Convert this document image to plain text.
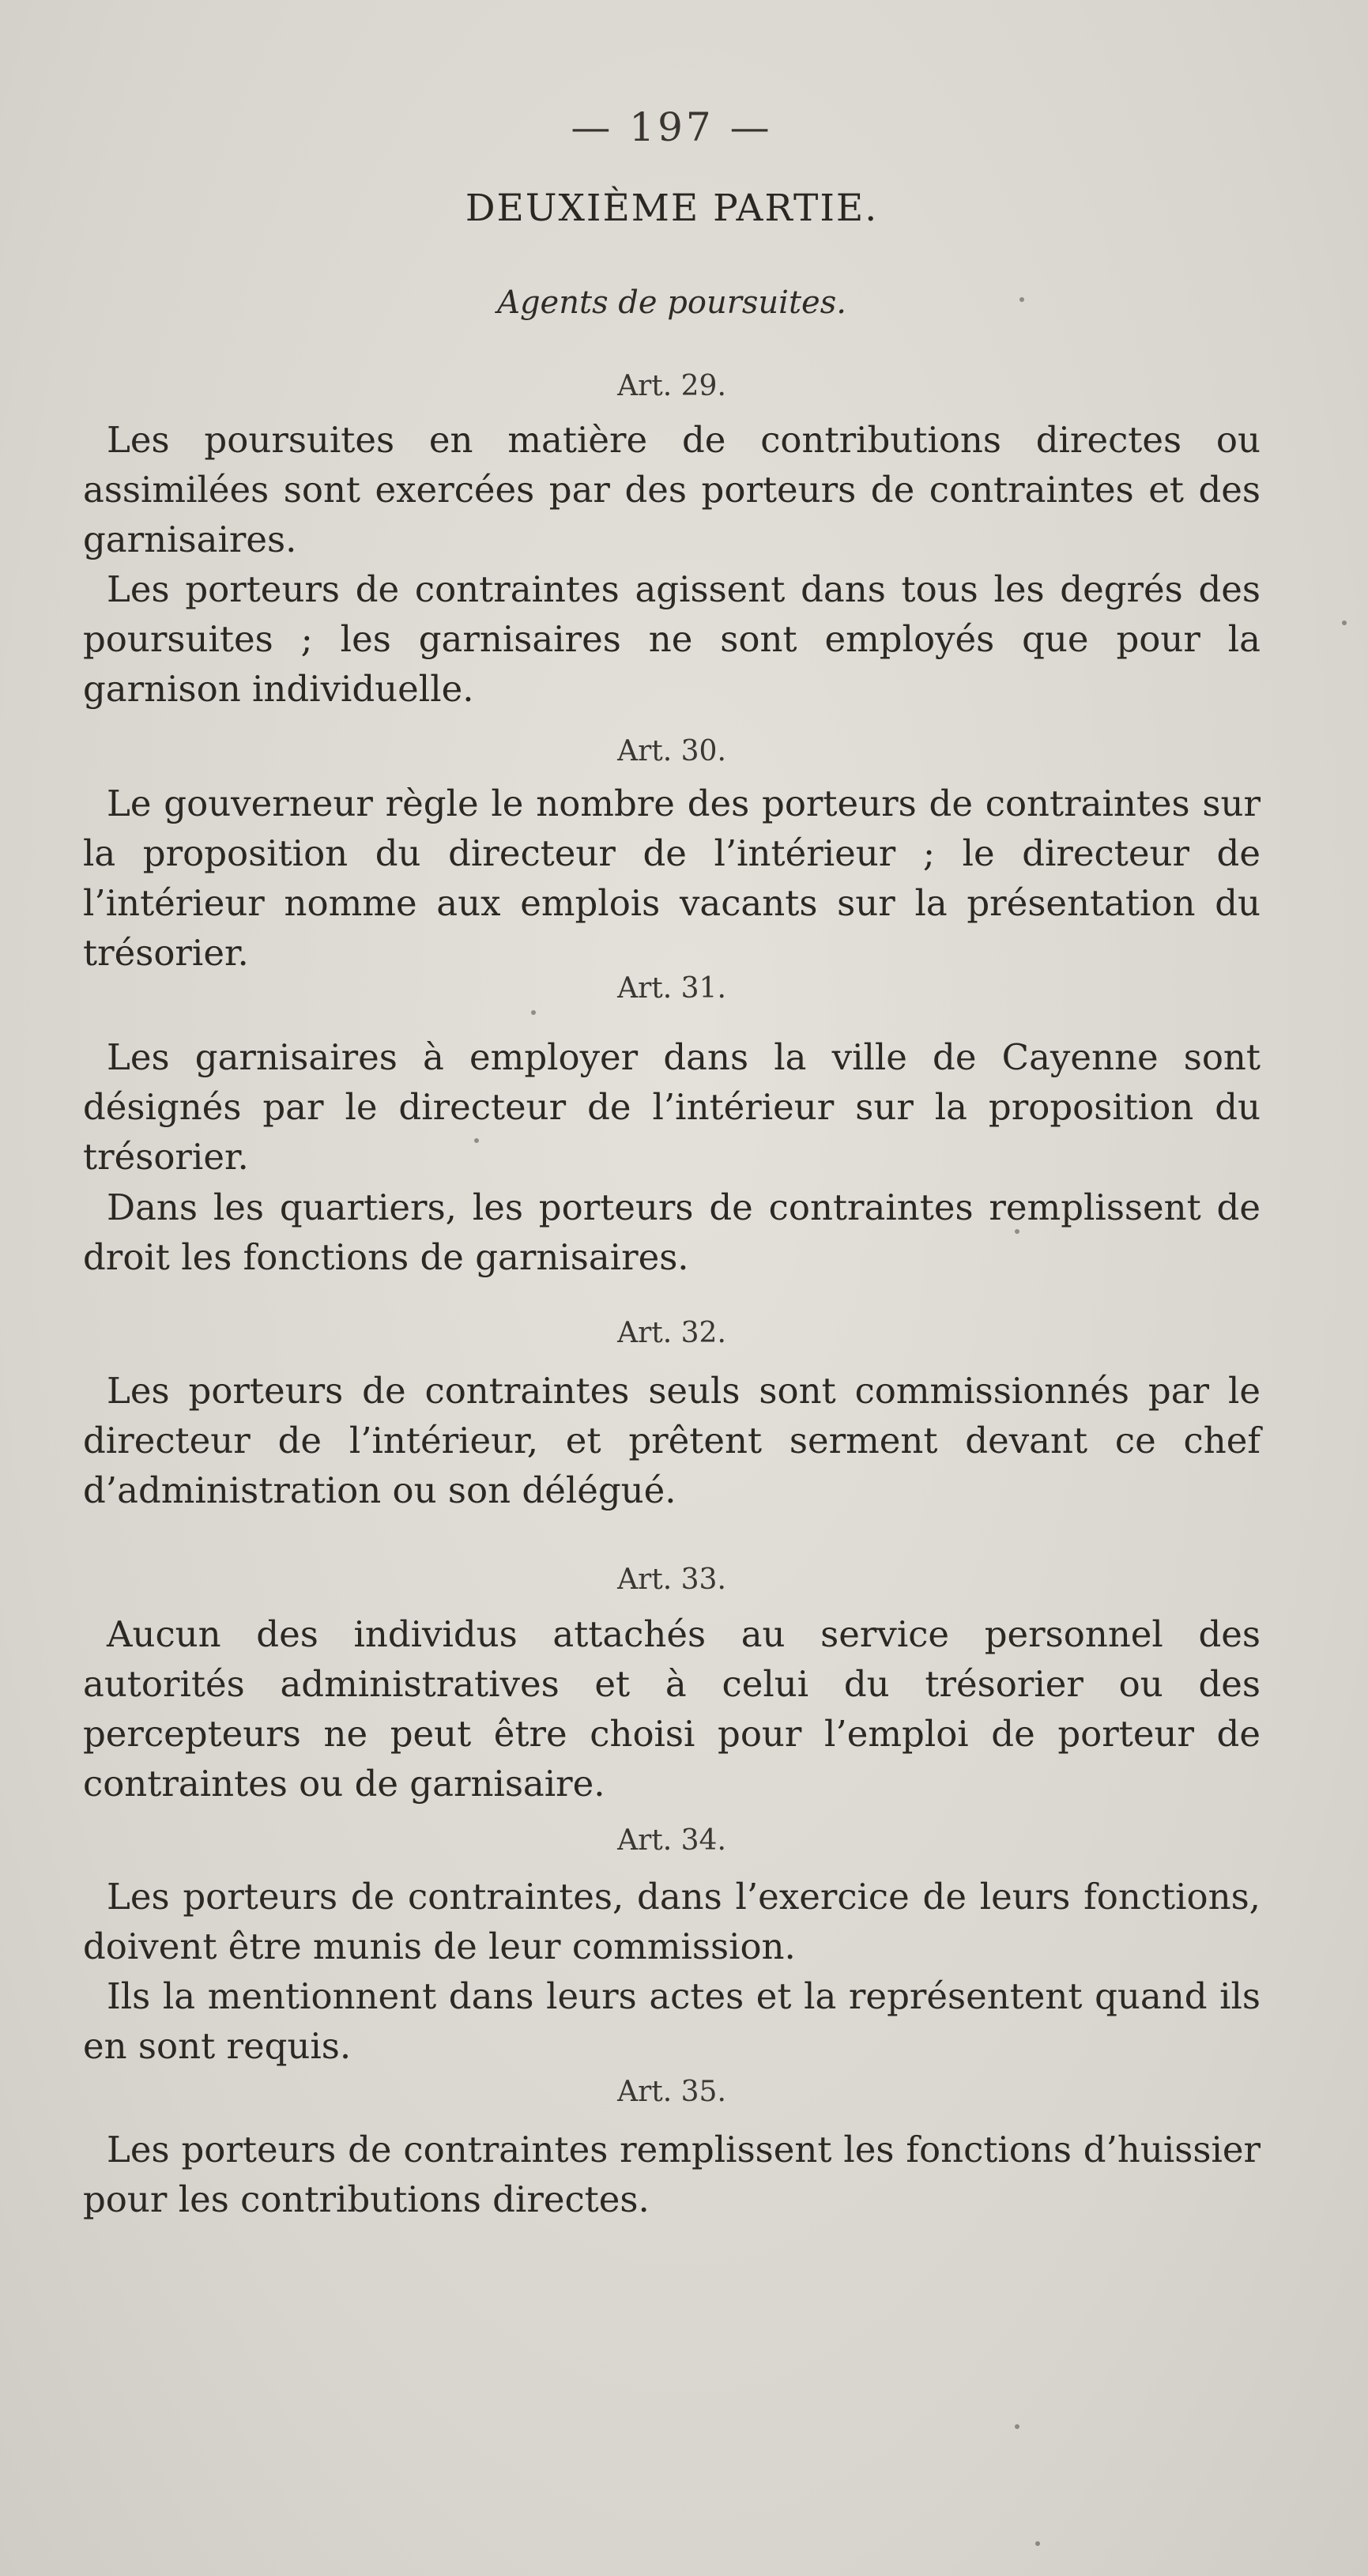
— 197 —
DEUXIÈME PARTIE.
Agents de poursuites.
Art. 29.
Les poursuites en matière de contributions directes ou assimilées sont exercées par des porteurs de contraintes et des garnisaires.
Les porteurs de contraintes agissent dans tous les degrés des poursuites ; les garnisaires ne sont employés que pour la garnison individuelle.
Art. 30.
Le gouverneur règle le nombre des porteurs de contraintes sur la proposition du directeur de l’intérieur ; le directeur de l’intérieur nomme aux emplois vacants sur la présentation du trésorier.
Art. 31.
Les garnisaires à employer dans la ville de Cayenne sont désignés par le directeur de l’intérieur sur la proposition du trésorier.
Dans les quartiers, les porteurs de contraintes remplissent de droit les fonctions de garnisaires.
Art. 32.
Les porteurs de contraintes seuls sont commissionnés par le directeur de l’intérieur, et prêtent serment devant ce chef d’administration ou son délégué.
Art. 33.
Aucun des individus attachés au service personnel des autorités administratives et à celui du trésorier ou des percepteurs ne peut être choisi pour l’emploi de porteur de contraintes ou de garnisaire.
Art. 34.
Les porteurs de contraintes, dans l’exercice de leurs fonctions, doivent être munis de leur commission.
Ils la mentionnent dans leurs actes et la représentent quand ils en sont requis.
Art. 35.
Les porteurs de contraintes remplissent les fonctions d’huissier pour les contributions directes.
